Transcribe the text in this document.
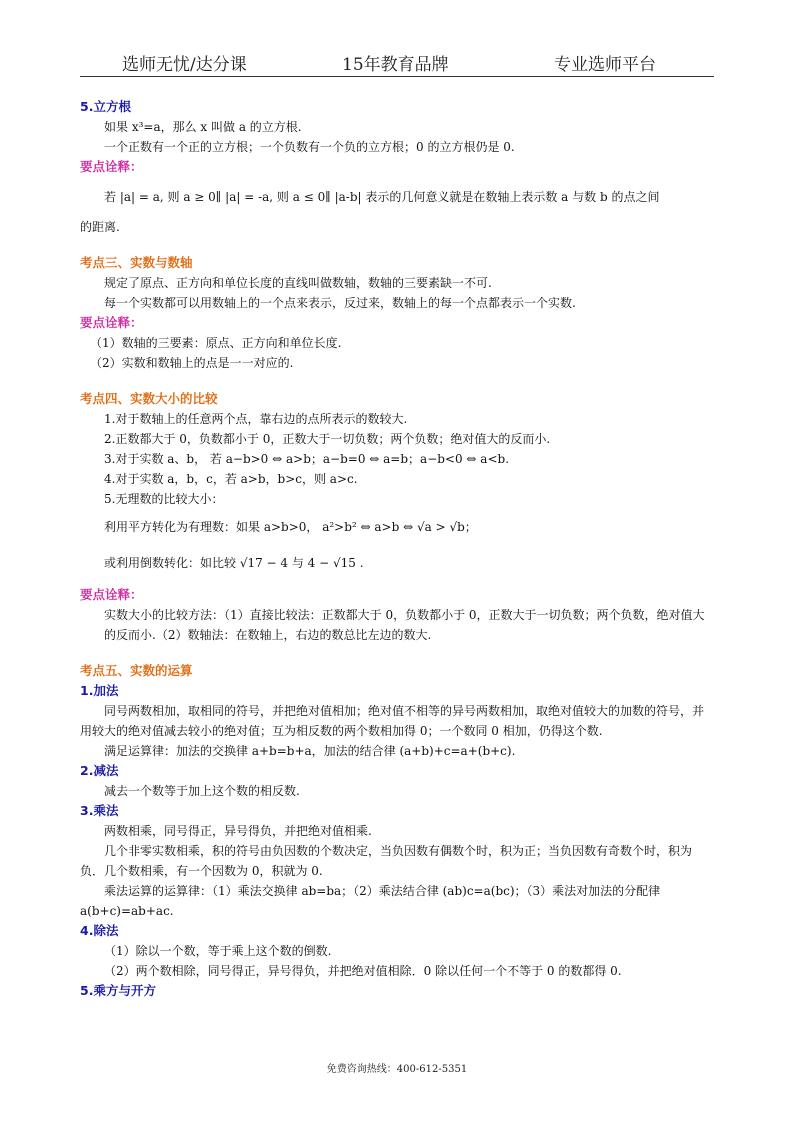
选师无忧/达分课	15年教育品牌	专业选师平台

5.立方根

如果 x³=a，那么 x 叫做 a 的立方根.

一个正数有一个正的立方根；一个负数有一个负的立方根；0 的立方根仍是 0.

要点诠释：

若 |a| = a, 则 a ≥ 0∥ |a| = -a, 则 a ≤ 0∥ |a-b| 表示的几何意义就是在数轴上表示数 a 与数 b 的点之间

的距离.

考点三、实数与数轴

规定了原点、正方向和单位长度的直线叫做数轴，数轴的三要素缺一不可.

每一个实数都可以用数轴上的一个点来表示，反过来，数轴上的每一个点都表示一个实数.

要点诠释：

（1）数轴的三要素：原点、正方向和单位长度.

（2）实数和数轴上的点是一一对应的.

考点四、实数大小的比较

1.对于数轴上的任意两个点，靠右边的点所表示的数较大.

2.正数都大于 0，负数都小于 0，正数大于一切负数；两个负数；绝对值大的反而小.

3.对于实数 a、b， 若 a−b>0 ⇔ a>b；a−b=0 ⇔ a=b；a−b<0 ⇔ a<b.

4.对于实数 a，b，c，若 a>b，b>c，则 a>c.

5.无理数的比较大小：

利用平方转化为有理数：如果 a>b>0， a²>b² ⇔ a>b ⇔ √a > √b；

或利用倒数转化：如比较 √17 − 4 与 4 − √15 .

要点诠释：

实数大小的比较方法：（1）直接比较法：正数都大于 0，负数都小于 0，正数大于一切负数；两个负数，绝对值大的反而小.（2）数轴法：在数轴上，右边的数总比左边的数大.

考点五、实数的运算

1.加法

同号两数相加，取相同的符号，并把绝对值相加；绝对值不相等的异号两数相加，取绝对值较大的加数的符号，并用较大的绝对值减去较小的绝对值；互为相反数的两个数相加得 0；一个数同 0 相加，仍得这个数.

满足运算律：加法的交换律 a+b=b+a，加法的结合律 (a+b)+c=a+(b+c).

2.减法

减去一个数等于加上这个数的相反数.

3.乘法

两数相乘，同号得正，异号得负，并把绝对值相乘.

几个非零实数相乘，积的符号由负因数的个数决定，当负因数有偶数个时，积为正；当负因数有奇数个时，积为负．几个数相乘，有一个因数为 0，积就为 0.

乘法运算的运算律：（1）乘法交换律 ab=ba；（2）乘法结合律 (ab)c=a(bc)；（3）乘法对加法的分配律 a(b+c)=ab+ac.

4.除法

（1）除以一个数，等于乘上这个数的倒数.

（2）两个数相除，同号得正，异号得负，并把绝对值相除．0 除以任何一个不等于 0 的数都得 0.

5.乘方与开方

免费咨询热线：400-612-5351
